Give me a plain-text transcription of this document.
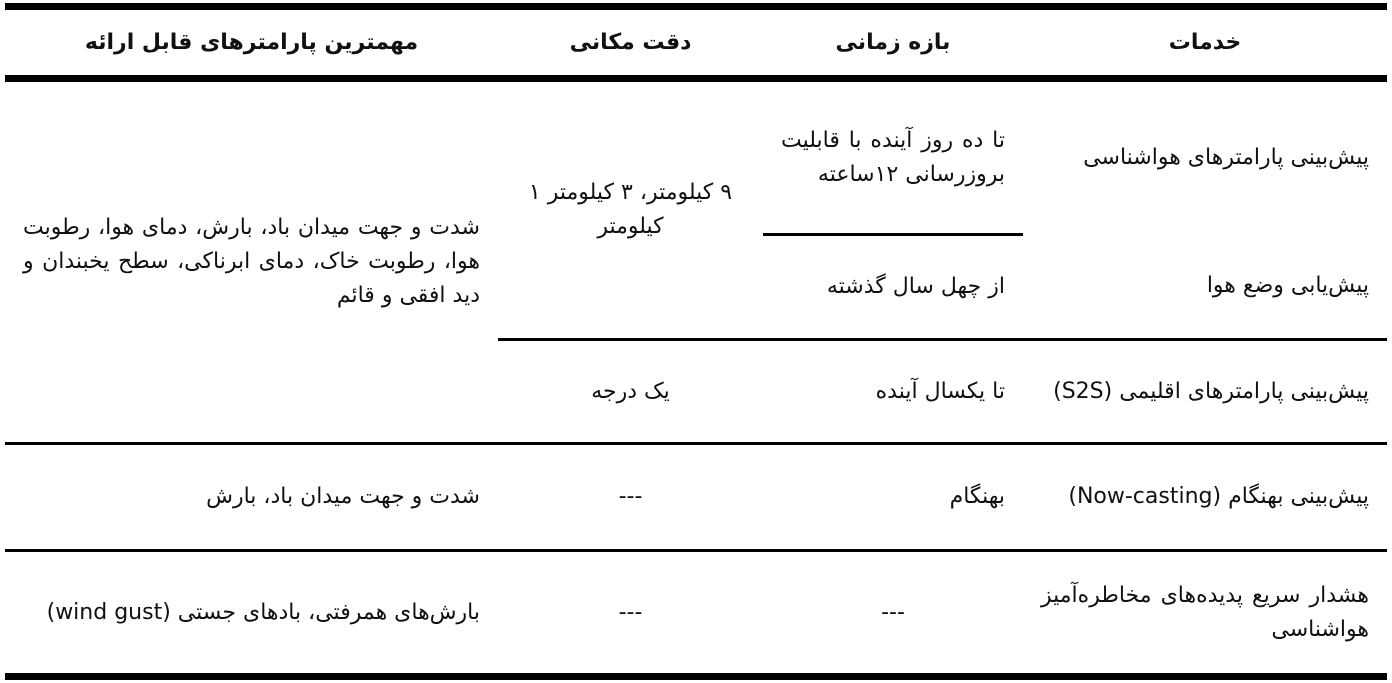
خدمات	بازه زمانی	دقت مکانی	مهمترین پارامترهای قابل ارائه
پیش‌بینی پارامترهای هواشناسی	تا ده روز آینده با قابلیت بروزرسانی ۱۲ساعته	۹ کیلومتر، ۳ کیلومتر ۱ کیلومتر	شدت و جهت میدان باد، بارش، دمای هوا، رطوبت هوا، رطوبت خاک، دمای ابرناکی، سطح یخبندان و دید افقی و قائم
پیش‌یابی وضع هوا	از چهل سال گذشته		
پیش‌بینی پارامترهای اقلیمی (S2S)	تا یکسال آینده	یک درجه	
پیش‌بینی بهنگام (Now-casting)	بهنگام	---	شدت و جهت میدان باد، بارش
هشدار سریع پدیده‌های مخاطره‌آمیز هواشناسی	---	---	بارش‌های همرفتی، بادهای جستی (wind gust)
